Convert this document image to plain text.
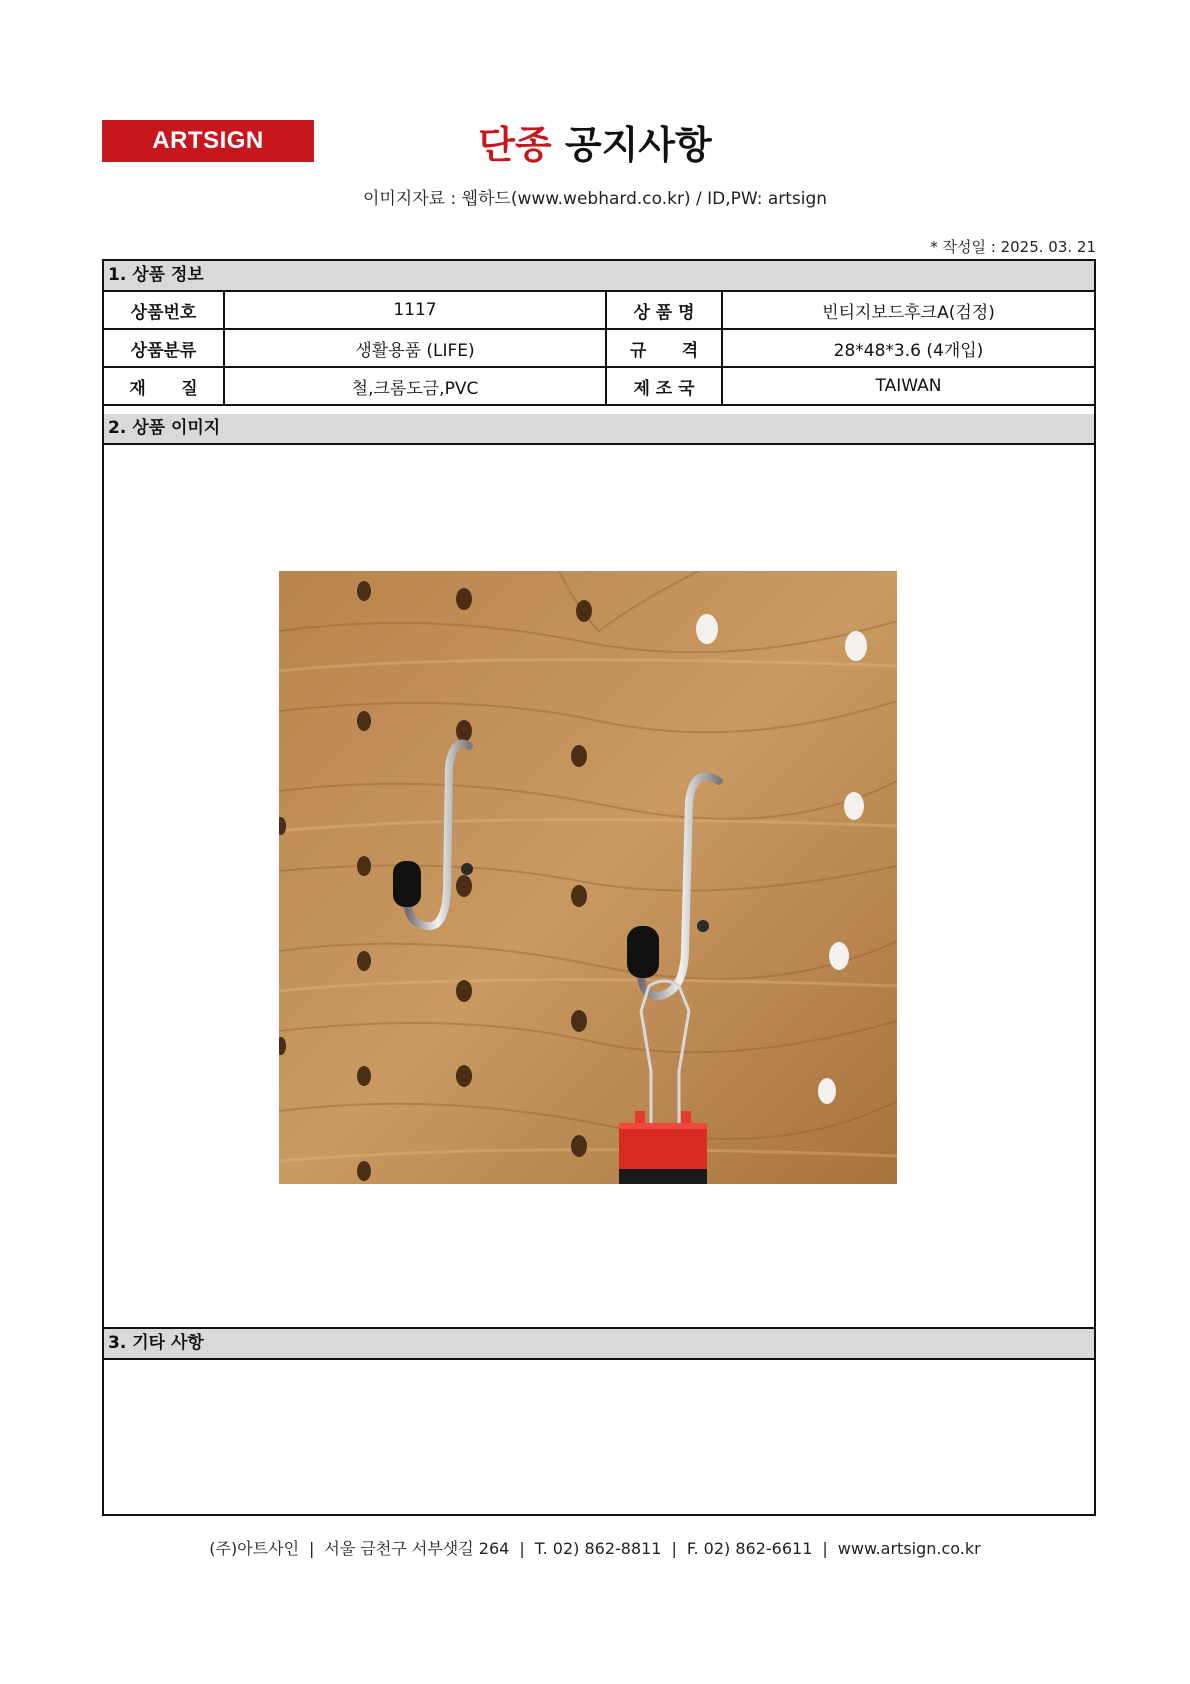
ARTSIGN	단종 공지사항
이미지자료 : 웹하드(www.webhard.co.kr) / ID,PW: artsign
* 작성일 : 2025. 03. 21
1. 상품 정보
상품번호	1117	상 품 명	빈티지보드후크A(검정)
상품분류	생활용품 (LIFE)	규      격	28*48*3.6 (4개입)
재      질	철,크롬도금,PVC	제 조 국	TAIWAN
2. 상품 이미지
3. 기타 사항
(주)아트사인 | 서울 금천구 서부샛길 264 | T. 02) 862-8811 | F. 02) 862-6611 | www.artsign.co.kr
